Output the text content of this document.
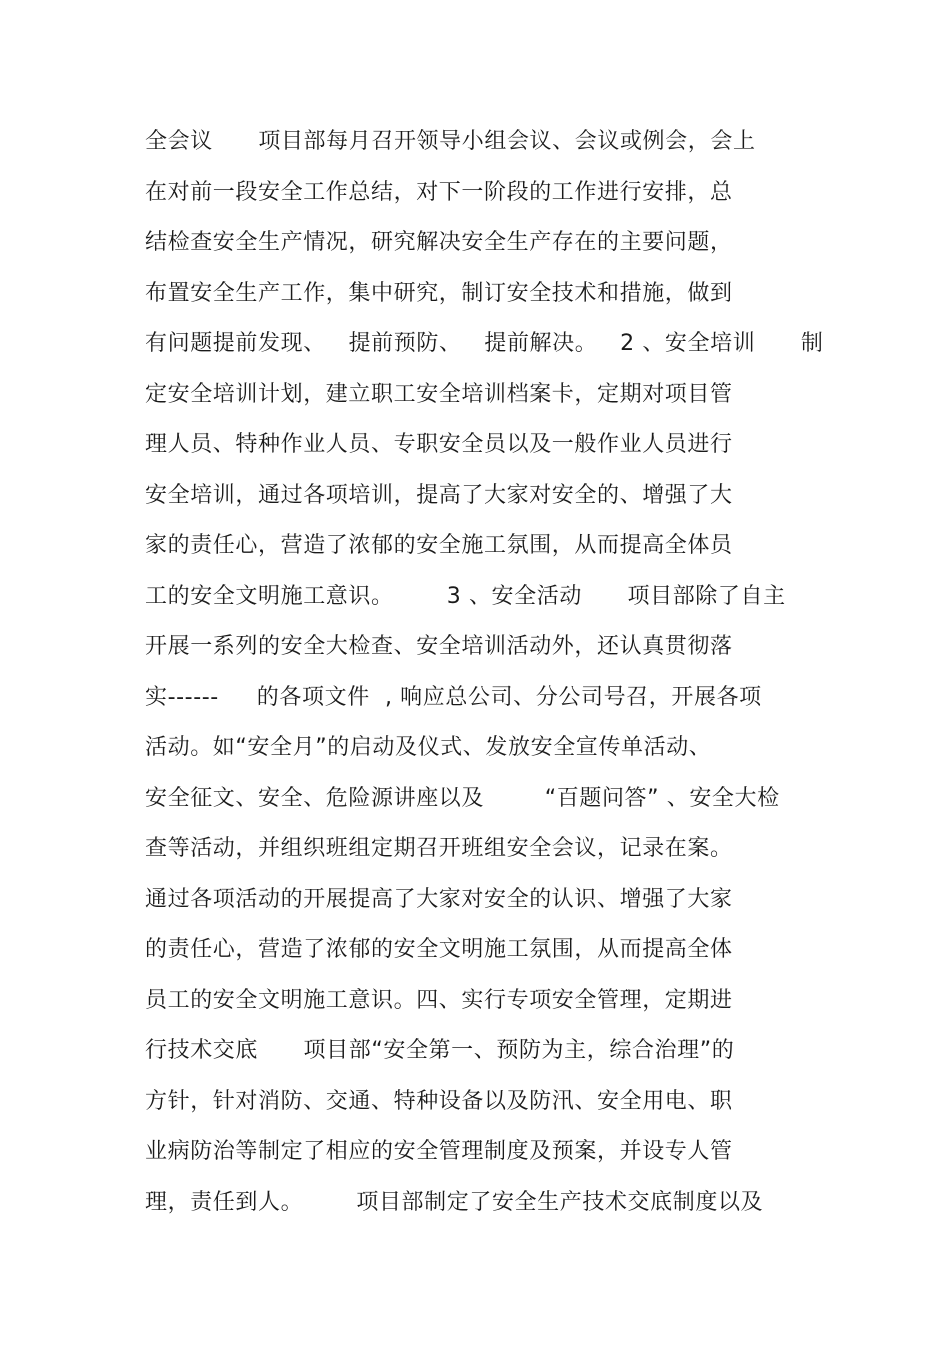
全会议      项目部每月召开领导小组会议、会议或例会，会上
在对前一段安全工作总结，对下一阶段的工作进行安排，总
结检查安全生产情况，研究解决安全生产存在的主要问题，
布置安全生产工作，集中研究，制订安全技术和措施，做到
有问题提前发现、   提前预防、   提前解决。   2 、安全培训      制
定安全培训计划，建立职工安全培训档案卡，定期对项目管
理人员、特种作业人员、专职安全员以及一般作业人员进行
安全培训，通过各项培训，提高了大家对安全的、增强了大
家的责任心，营造了浓郁的安全施工氛围，从而提高全体员
工的安全文明施工意识。       3 、安全活动      项目部除了自主
开展一系列的安全大检查、安全培训活动外，还认真贯彻落
实------     的各项文件  , 响应总公司、分公司号召，开展各项
活动。如“安全月”的启动及仪式、发放安全宣传单活动、
安全征文、安全、危险源讲座以及        “百题问答” 、安全大检
查等活动，并组织班组定期召开班组安全会议，记录在案。
通过各项活动的开展提高了大家对安全的认识、增强了大家
的责任心，营造了浓郁的安全文明施工氛围，从而提高全体
员工的安全文明施工意识。四、实行专项安全管理，定期进
行技术交底      项目部“安全第一、预防为主，综合治理”的
方针，针对消防、交通、特种设备以及防汛、安全用电、职
业病防治等制定了相应的安全管理制度及预案，并设专人管
理，责任到人。       项目部制定了安全生产技术交底制度以及
